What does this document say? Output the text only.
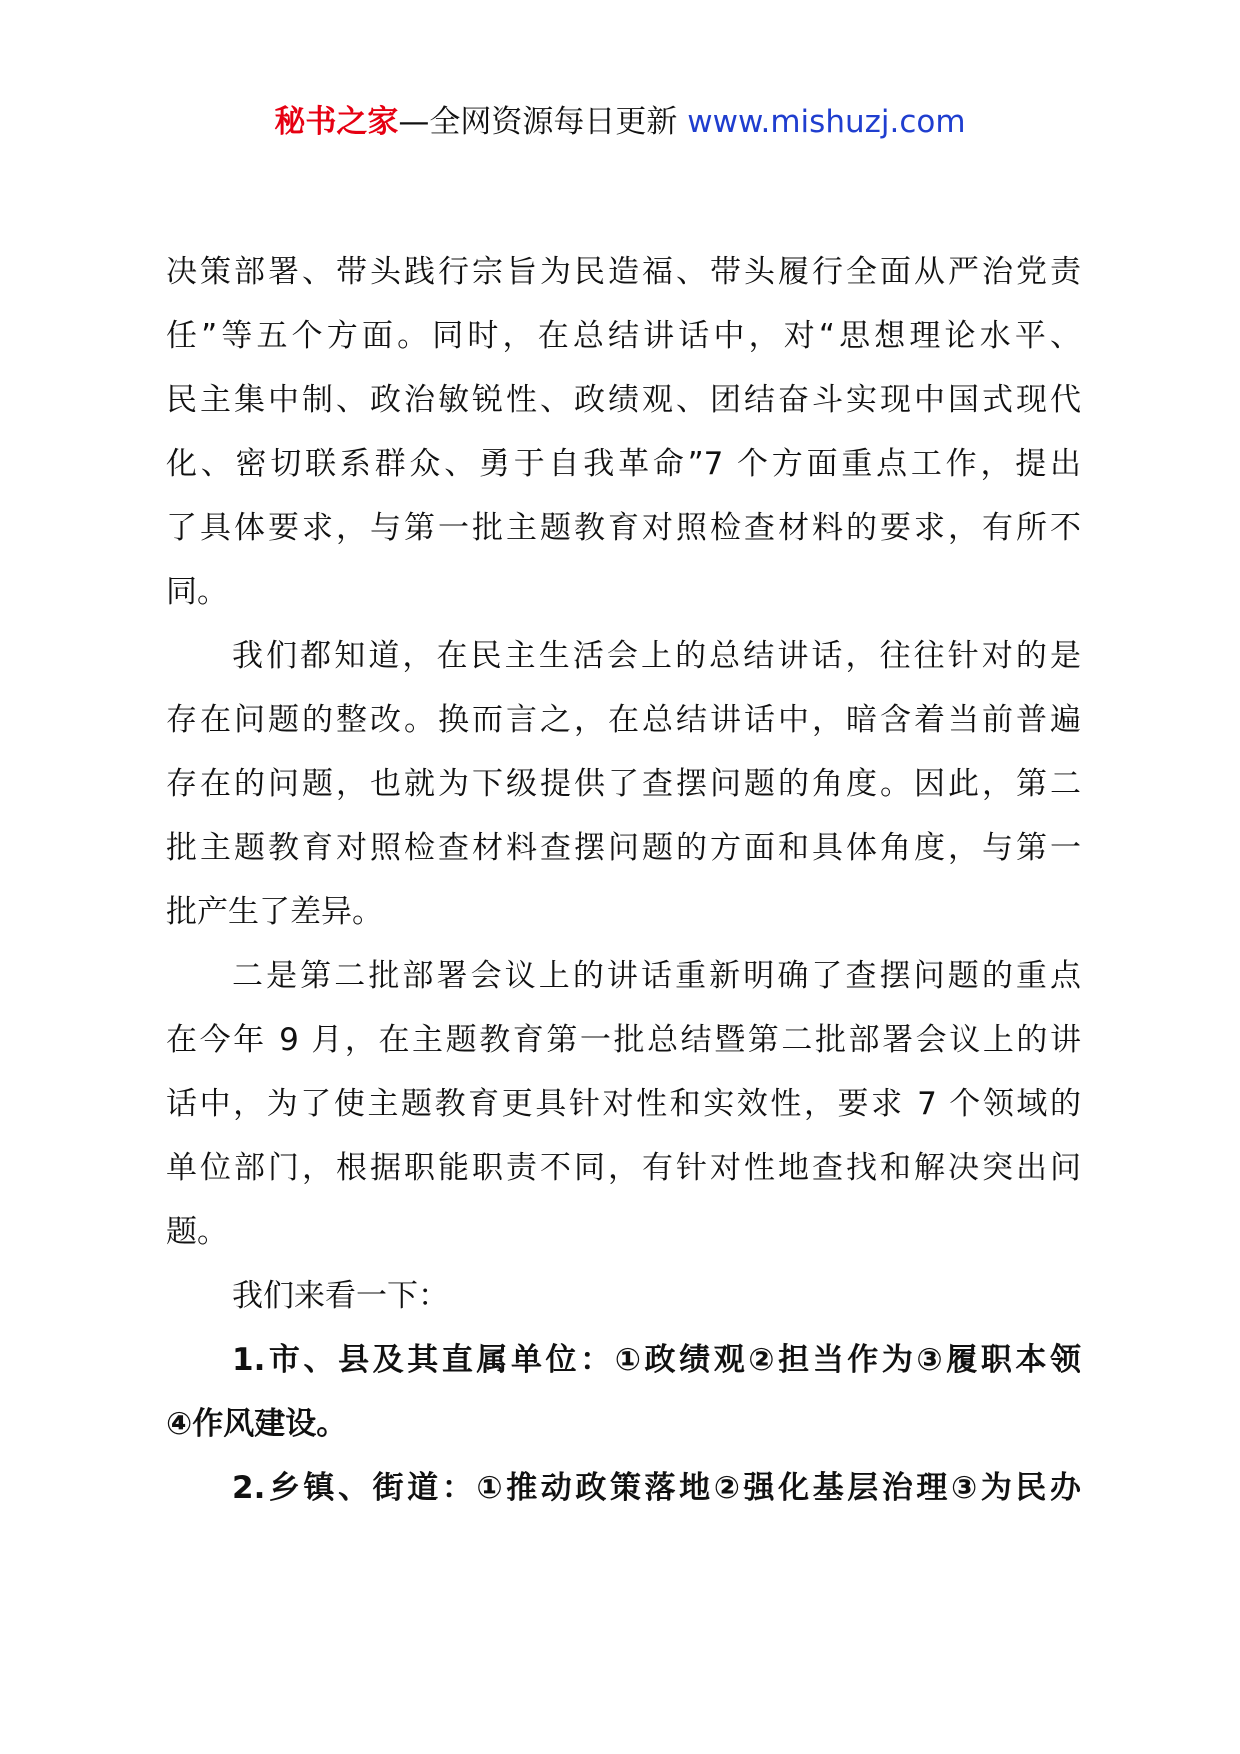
秘书之家—全网资源每日更新 www.mishuzj.com
决策部署、带头践行宗旨为民造福、带头履行全面从严治党责
任”等五个方面。同时，在总结讲话中，对“思想理论水平、
民主集中制、政治敏锐性、政绩观、团结奋斗实现中国式现代
化、密切联系群众、勇于自我革命”7 个方面重点工作，提出
了具体要求，与第一批主题教育对照检查材料的要求，有所不
同。
我们都知道，在民主生活会上的总结讲话，往往针对的是
存在问题的整改。换而言之，在总结讲话中，暗含着当前普遍
存在的问题，也就为下级提供了查摆问题的角度。因此，第二
批主题教育对照检查材料查摆问题的方面和具体角度，与第一
批产生了差异。
二是第二批部署会议上的讲话重新明确了查摆问题的重点
在今年 9 月，在主题教育第一批总结暨第二批部署会议上的讲
话中，为了使主题教育更具针对性和实效性，要求 7 个领域的
单位部门，根据职能职责不同，有针对性地查找和解决突出问
题。
我们来看一下：
1.市、县及其直属单位：①政绩观②担当作为③履职本领
④作风建设。
2.乡镇、街道：①推动政策落地②强化基层治理③为民办
